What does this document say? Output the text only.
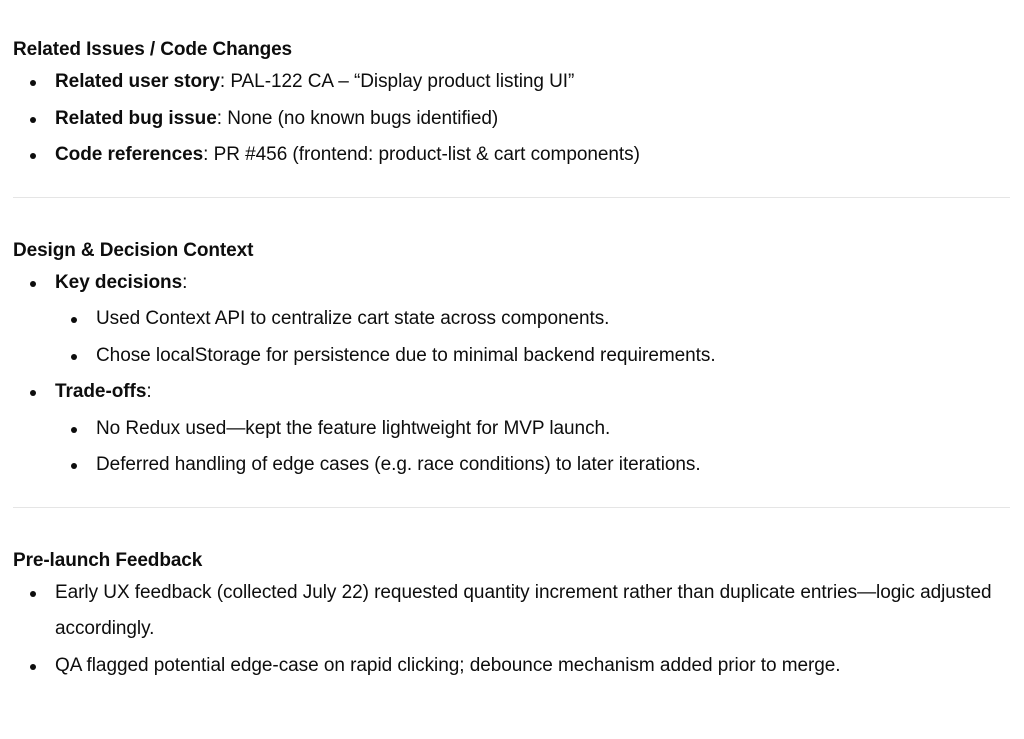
Related Issues / Code Changes

Related user story: PAL-122 CA – “Display product listing UI”
Related bug issue: None (no known bugs identified)
Code references: PR #456 (frontend: product-list & cart components)

Design & Decision Context

Key decisions:
Used Context API to centralize cart state across components.
Chose localStorage for persistence due to minimal backend requirements.
Trade-offs:
No Redux used—kept the feature lightweight for MVP launch.
Deferred handling of edge cases (e.g. race conditions) to later iterations.

Pre-launch Feedback

Early UX feedback (collected July 22) requested quantity increment rather than duplicate entries—logic adjusted accordingly.
QA flagged potential edge-case on rapid clicking; debounce mechanism added prior to merge.
